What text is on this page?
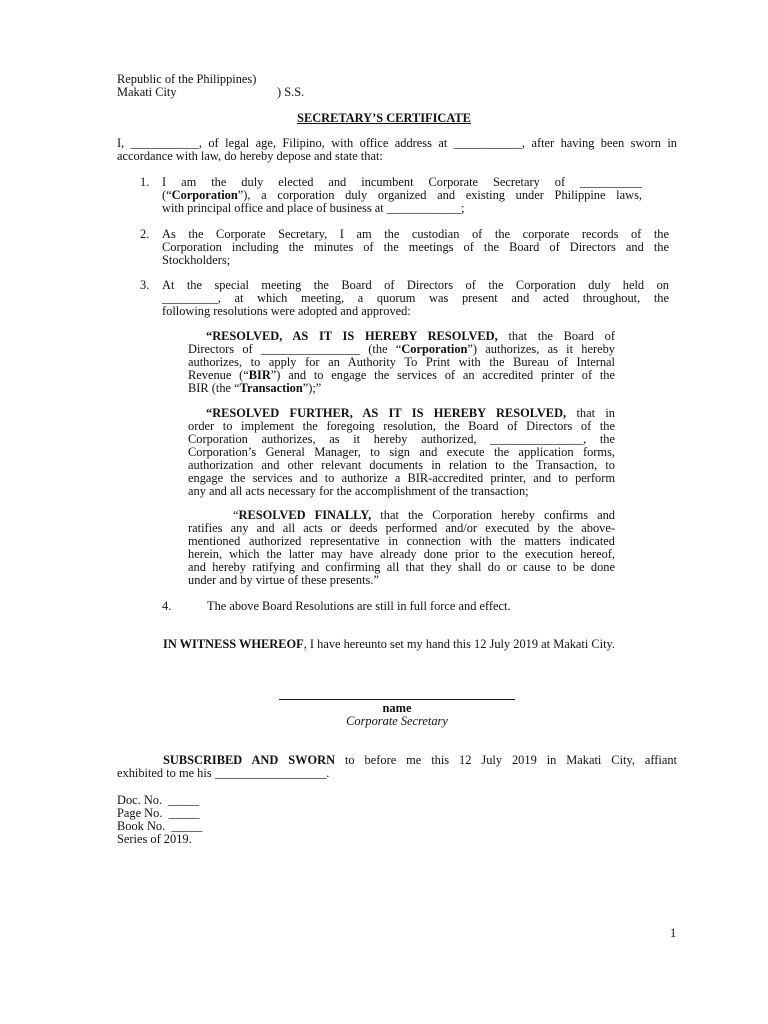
Republic of the Philippines)
Makati City	) S.S.
SECRETARY’S CERTIFICATE
I, ___________, of legal age, Filipino, with office address at ___________, after having been sworn in
accordance with law, do hereby depose and state that:
1. I am the duly elected and incumbent Corporate Secretary of __________
(“Corporation”), a corporation duly organized and existing under Philippine laws,
with principal office and place of business at ____________;
2. As the Corporate Secretary, I am the custodian of the corporate records of the
Corporation including the minutes of the meetings of the Board of Directors and the
Stockholders;
3. At the special meeting the Board of Directors of the Corporation duly held on
_________, at which meeting, a quorum was present and acted throughout, the
following resolutions were adopted and approved:
“RESOLVED, AS IT IS HEREBY RESOLVED, that the Board of
Directors of ________________ (the “Corporation”) authorizes, as it hereby
authorizes, to apply for an Authority To Print with the Bureau of Internal
Revenue (“BIR”) and to engage the services of an accredited printer of the
BIR (the “Transaction”);”
“RESOLVED FURTHER, AS IT IS HEREBY RESOLVED, that in
order to implement the foregoing resolution, the Board of Directors of the
Corporation authorizes, as it hereby authorized, _______________, the
Corporation’s General Manager, to sign and execute the application forms,
authorization and other relevant documents in relation to the Transaction, to
engage the services and to authorize a BIR-accredited printer, and to perform
any and all acts necessary for the accomplishment of the transaction;
“RESOLVED FINALLY, that the Corporation hereby confirms and
ratifies any and all acts or deeds performed and/or executed by the above-
mentioned authorized representative in connection with the matters indicated
herein, which the latter may have already done prior to the execution hereof,
and hereby ratifying and confirming all that they shall do or cause to be done
under and by virtue of these presents.”
4.	The above Board Resolutions are still in full force and effect.
IN WITNESS WHEREOF, I have hereunto set my hand this 12 July 2019 at Makati City.
name
Corporate Secretary
SUBSCRIBED AND SWORN to before me this 12 July 2019 in Makati City, affiant
exhibited to me his __________________.
Doc. No.  _____
Page No.  _____
Book No.  _____
Series of 2019.
1
